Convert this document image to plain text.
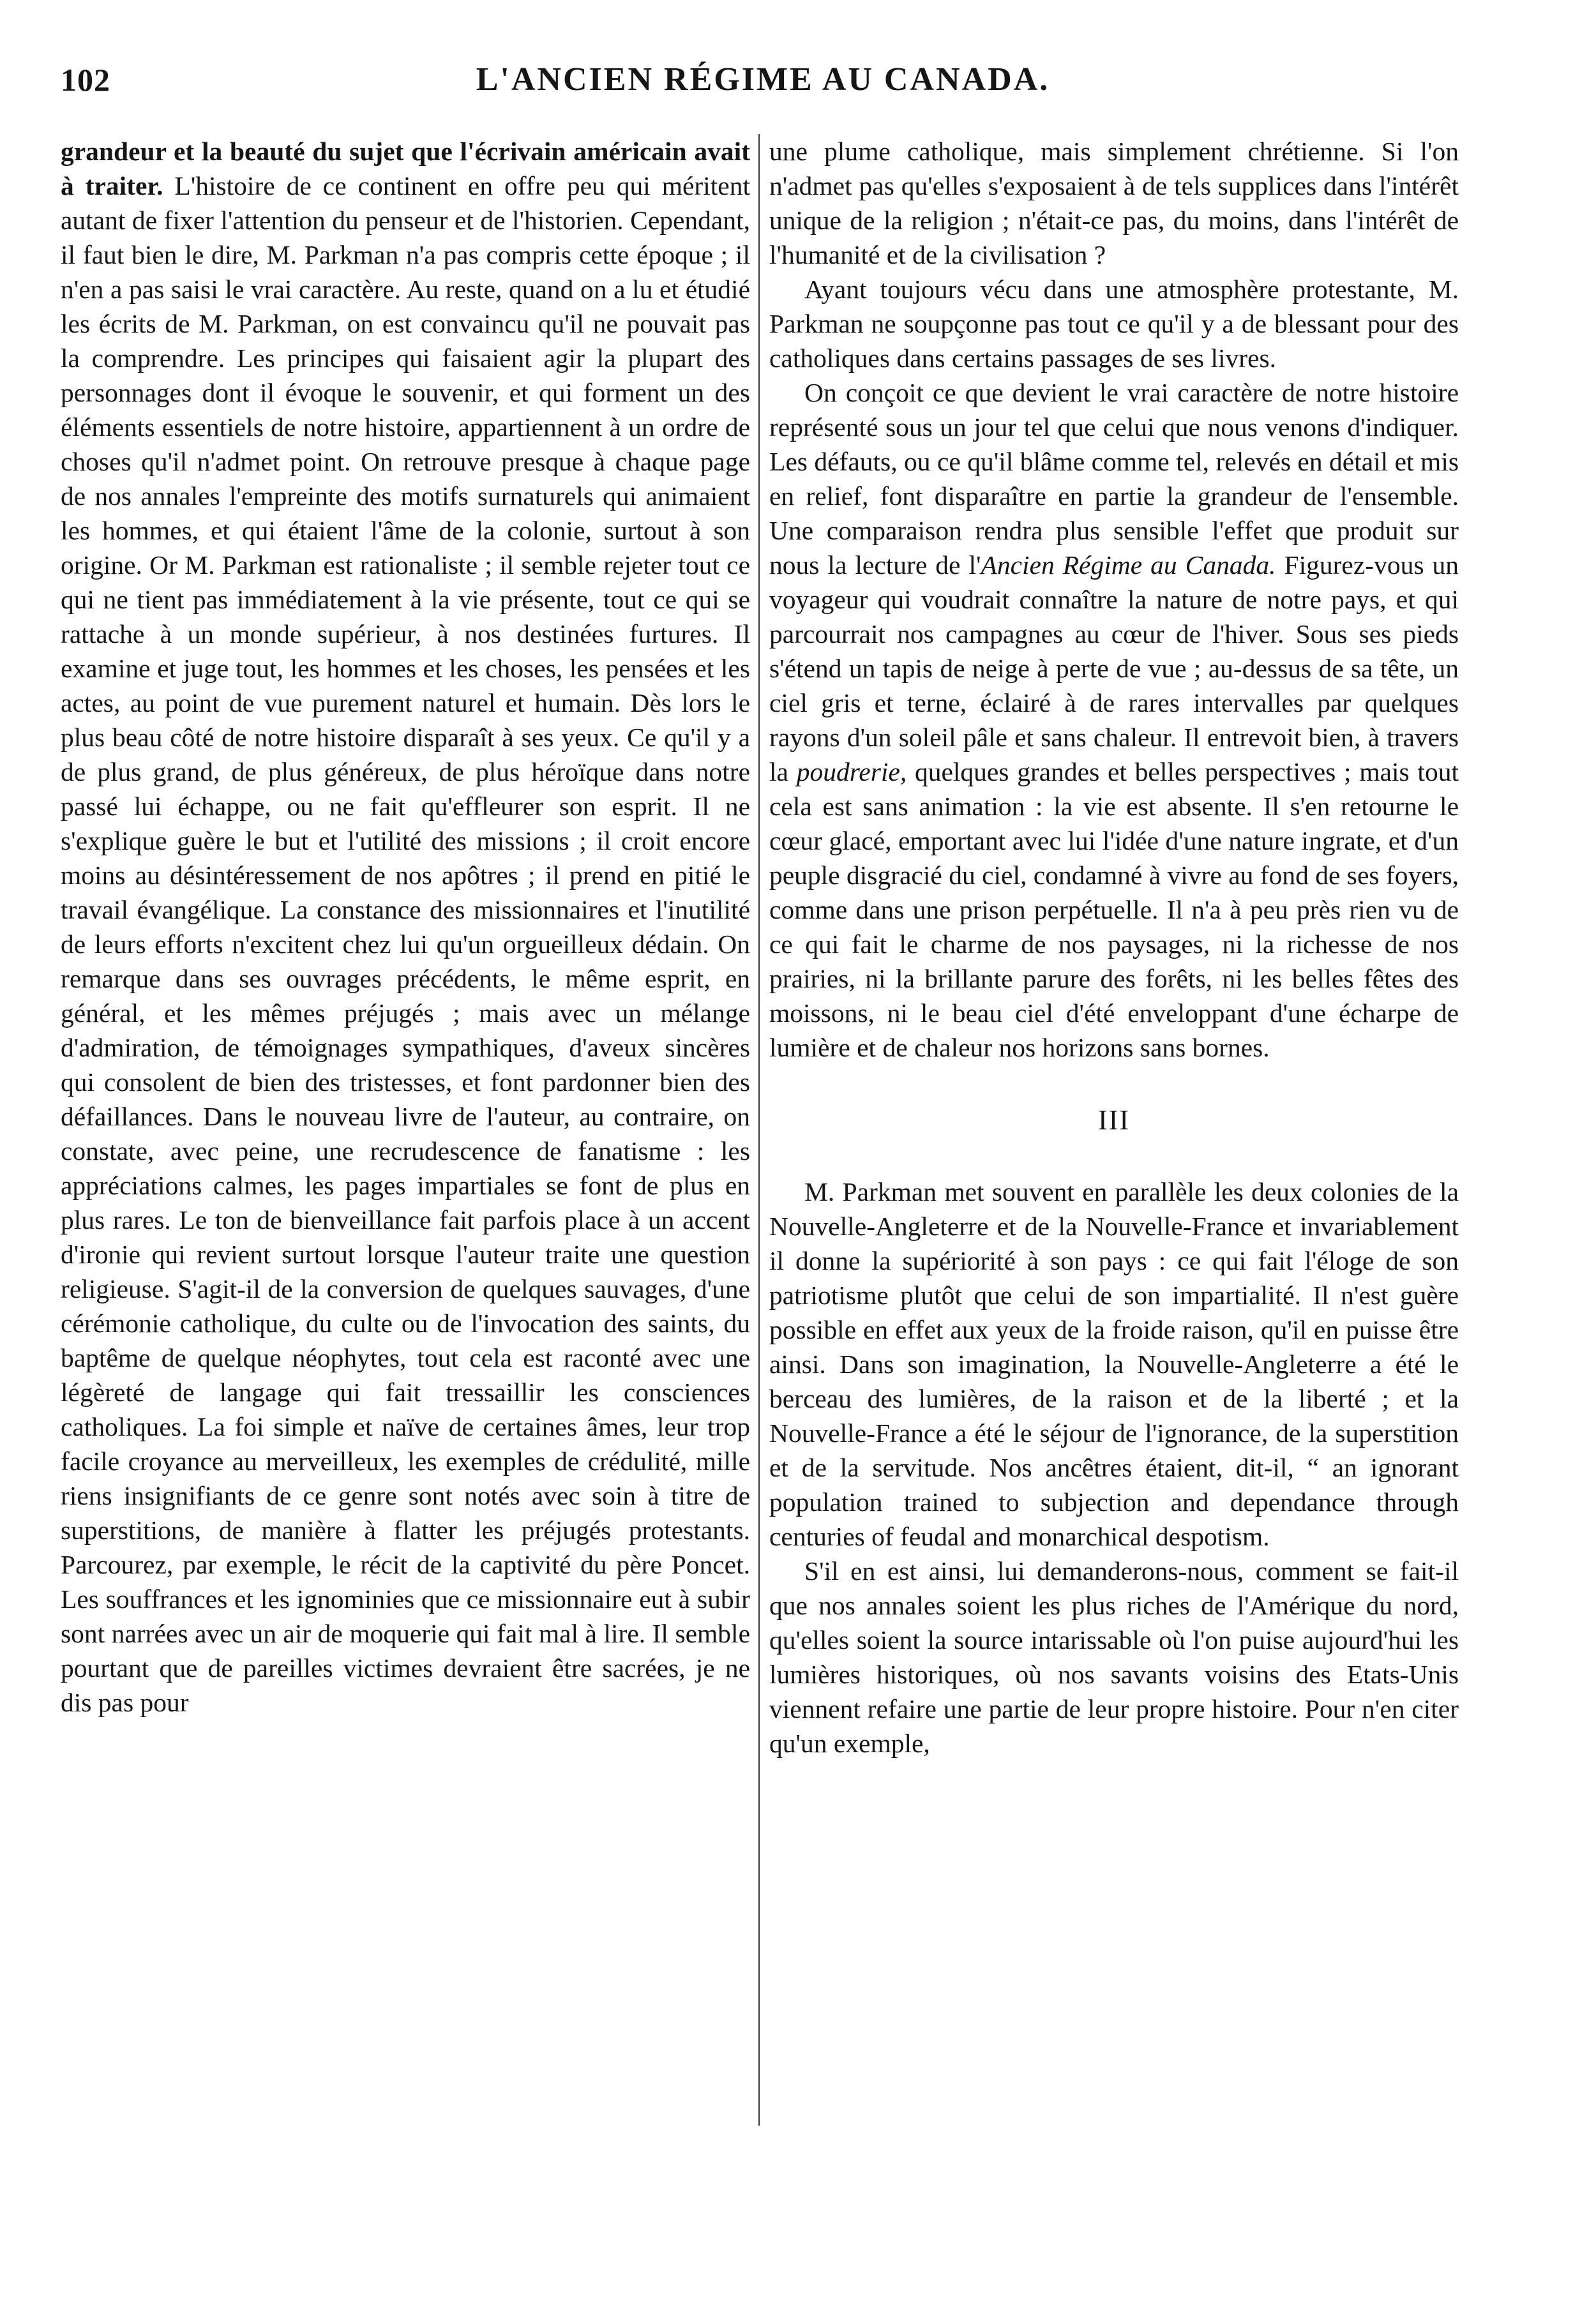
102	L'ANCIEN RÉGIME AU CANADA.

grandeur et la beauté du sujet que l'écrivain américain avait à traiter. L'histoire de ce continent en offre peu qui méritent autant de fixer l'attention du penseur et de l'historien. Cependant, il faut bien le dire, M. Parkman n'a pas compris cette époque ; il n'en a pas saisi le vrai caractère. Au reste, quand on a lu et étudié les écrits de M. Parkman, on est convaincu qu'il ne pouvait pas la comprendre. Les principes qui faisaient agir la plupart des personnages dont il évoque le souvenir, et qui forment un des éléments essentiels de notre histoire, appartiennent à un ordre de choses qu'il n'admet point. On retrouve presque à chaque page de nos annales l'empreinte des motifs surnaturels qui animaient les hommes, et qui étaient l'âme de la colonie, surtout à son origine. Or M. Parkman est rationaliste ; il semble rejeter tout ce qui ne tient pas immédiatement à la vie présente, tout ce qui se rattache à un monde supérieur, à nos destinées furtures. Il examine et juge tout, les hommes et les choses, les pensées et les actes, au point de vue purement naturel et humain. Dès lors le plus beau côté de notre histoire disparaît à ses yeux. Ce qu'il y a de plus grand, de plus généreux, de plus héroïque dans notre passé lui échappe, ou ne fait qu'effleurer son esprit. Il ne s'explique guère le but et l'utilité des missions ; il croit encore moins au désintéressement de nos apôtres ; il prend en pitié le travail évangélique. La constance des missionnaires et l'inutilité de leurs efforts n'excitent chez lui qu'un orgueilleux dédain. On remarque dans ses ouvrages précédents, le même esprit, en général, et les mêmes préjugés ; mais avec un mélange d'admiration, de témoignages sympathiques, d'aveux sincères qui consolent de bien des tristesses, et font pardonner bien des défaillances. Dans le nouveau livre de l'auteur, au contraire, on constate, avec peine, une recrudescence de fanatisme : les appréciations calmes, les pages impartiales se font de plus en plus rares. Le ton de bienveillance fait parfois place à un accent d'ironie qui revient surtout lorsque l'auteur traite une question religieuse. S'agit-il de la conversion de quelques sauvages, d'une cérémonie catholique, du culte ou de l'invocation des saints, du baptême de quelque néophytes, tout cela est raconté avec une légèreté de langage qui fait tressaillir les consciences catholiques. La foi simple et naïve de certaines âmes, leur trop facile croyance au merveilleux, les exemples de crédulité, mille riens insignifiants de ce genre sont notés avec soin à titre de superstitions, de manière à flatter les préjugés protestants. Parcourez, par exemple, le récit de la captivité du père Poncet. Les souffrances et les ignominies que ce missionnaire eut à subir sont narrées avec un air de moquerie qui fait mal à lire. Il semble pourtant que de pareilles victimes devraient être sacrées, je ne dis pas pour

une plume catholique, mais simplement chrétienne. Si l'on n'admet pas qu'elles s'exposaient à de tels supplices dans l'intérêt unique de la religion ; n'était-ce pas, du moins, dans l'intérêt de l'humanité et de la civilisation ?

Ayant toujours vécu dans une atmosphère protestante, M. Parkman ne soupçonne pas tout ce qu'il y a de blessant pour des catholiques dans certains passages de ses livres.

On conçoit ce que devient le vrai caractère de notre histoire représenté sous un jour tel que celui que nous venons d'indiquer. Les défauts, ou ce qu'il blâme comme tel, relevés en détail et mis en relief, font disparaître en partie la grandeur de l'ensemble. Une comparaison rendra plus sensible l'effet que produit sur nous la lecture de l'Ancien Régime au Canada. Figurez-vous un voyageur qui voudrait connaître la nature de notre pays, et qui parcourrait nos campagnes au cœur de l'hiver. Sous ses pieds s'étend un tapis de neige à perte de vue ; au-dessus de sa tête, un ciel gris et terne, éclairé à de rares intervalles par quelques rayons d'un soleil pâle et sans chaleur. Il entrevoit bien, à travers la poudrerie, quelques grandes et belles perspectives ; mais tout cela est sans animation : la vie est absente. Il s'en retourne le cœur glacé, emportant avec lui l'idée d'une nature ingrate, et d'un peuple disgracié du ciel, condamné à vivre au fond de ses foyers, comme dans une prison perpétuelle. Il n'a à peu près rien vu de ce qui fait le charme de nos paysages, ni la richesse de nos prairies, ni la brillante parure des forêts, ni les belles fêtes des moissons, ni le beau ciel d'été enveloppant d'une écharpe de lumière et de chaleur nos horizons sans bornes.

III

M. Parkman met souvent en parallèle les deux colonies de la Nouvelle-Angleterre et de la Nouvelle-France et invariablement il donne la supériorité à son pays : ce qui fait l'éloge de son patriotisme plutôt que celui de son impartialité. Il n'est guère possible en effet aux yeux de la froide raison, qu'il en puisse être ainsi. Dans son imagination, la Nouvelle-Angleterre a été le berceau des lumières, de la raison et de la liberté ; et la Nouvelle-France a été le séjour de l'ignorance, de la superstition et de la servitude. Nos ancêtres étaient, dit-il, “ an ignorant population trained to subjection and dependance through centuries of feudal and monarchical despotism.

S'il en est ainsi, lui demanderons-nous, comment se fait-il que nos annales soient les plus riches de l'Amérique du nord, qu'elles soient la source intarissable où l'on puise aujourd'hui les lumières historiques, où nos savants voisins des Etats-Unis viennent refaire une partie de leur propre histoire. Pour n'en citer qu'un exemple,
